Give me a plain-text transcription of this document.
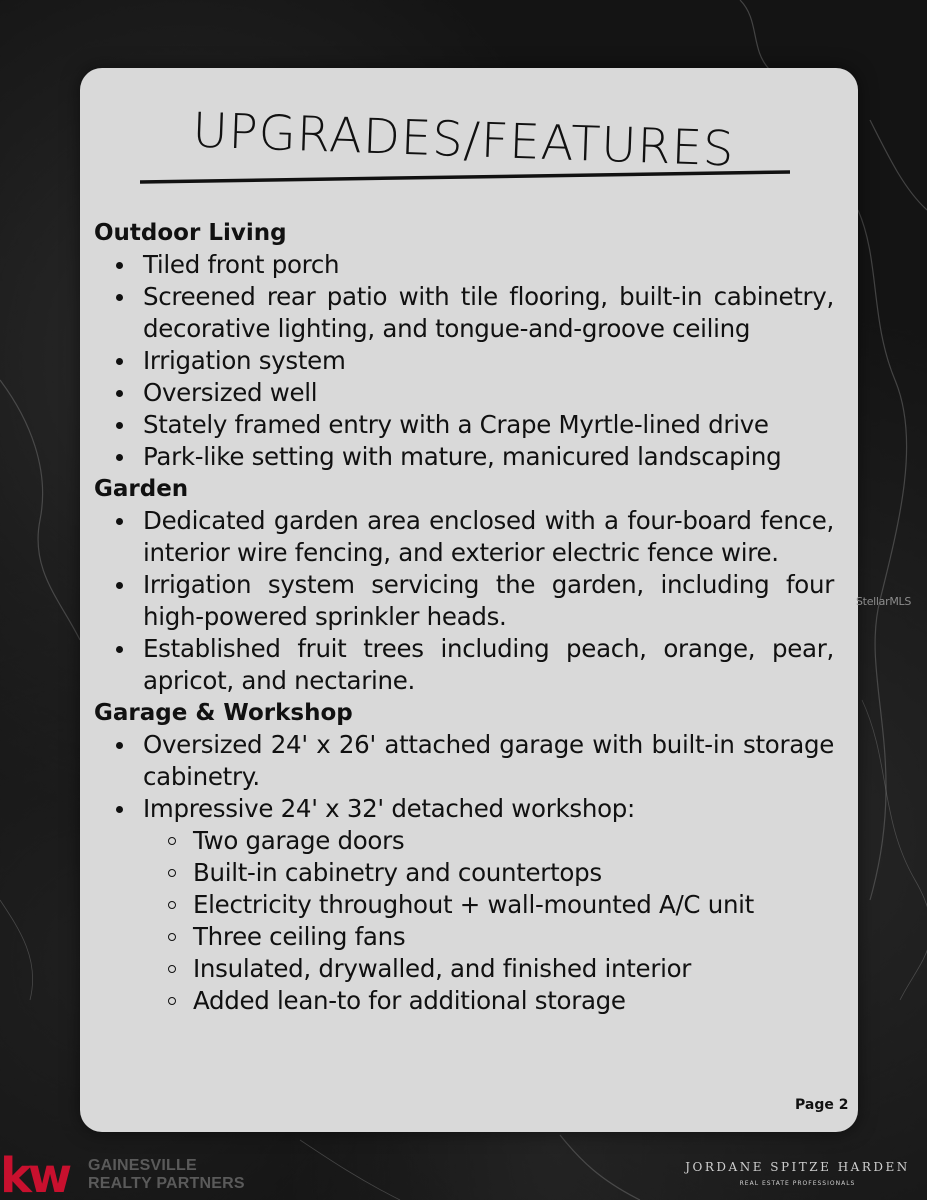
UPGRADES/FEATURES
Outdoor Living
Tiled front porch
Screened rear patio with tile flooring, built-in cabinetry, decorative lighting, and tongue-and-groove ceiling
Irrigation system
Oversized well
Stately framed entry with a Crape Myrtle-lined drive
Park-like setting with mature, manicured landscaping
Garden
Dedicated garden area enclosed with a four-board fence, interior wire fencing, and exterior electric fence wire.
Irrigation system servicing the garden, including four high-powered sprinkler heads.
Established fruit trees including peach, orange, pear, apricot, and nectarine.
Garage & Workshop
Oversized 24' x 26' attached garage with built-in storage cabinetry.
Impressive 24' x 32' detached workshop:
Two garage doors
Built-in cabinetry and countertops
Electricity throughout + wall-mounted A/C unit
Three ceiling fans
Insulated, drywalled, and finished interior
Added lean-to for additional storage
Page 2
StellarMLS
kw GAINESVILLE
REALTY PARTNERS
JORDANE SPITZE HARDEN
REAL ESTATE PROFESSIONALS
